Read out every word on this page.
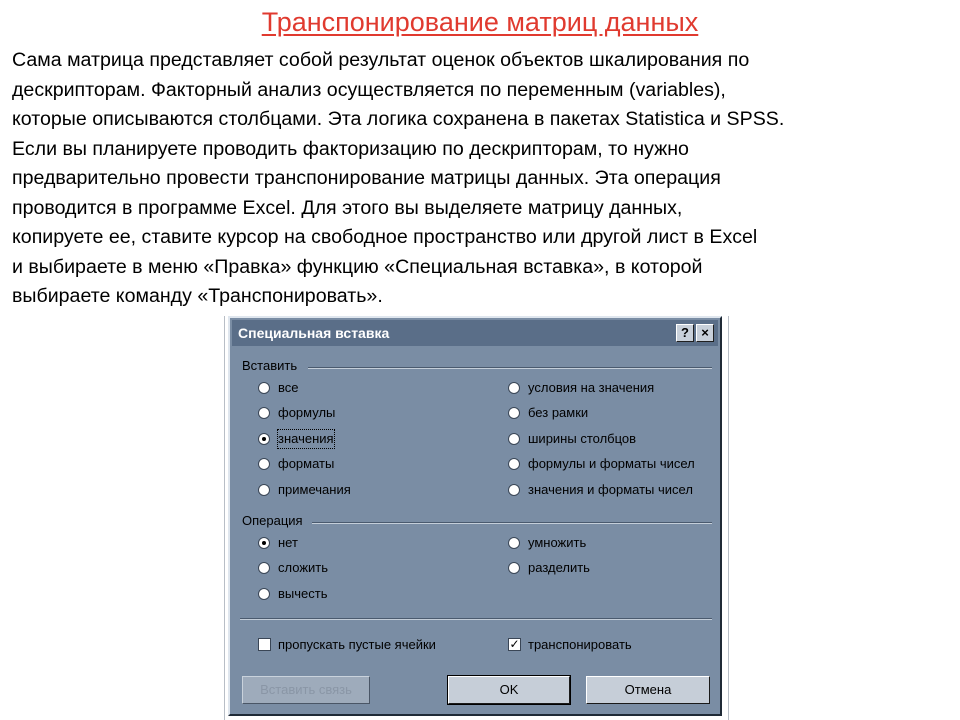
Транспонирование матриц данных

Сама матрица представляет собой результат оценок объектов шкалирования по

дескрипторам. Факторный анализ осуществляется по переменным (variables),

которые описываются столбцами. Эта логика сохранена в пакетах Statistica и SPSS.

Если вы планируете проводить факторизацию по дескрипторам, то нужно

предварительно провести транспонирование матрицы данных. Эта операция

проводится в программе Excel. Для этого вы выделяете матрицу данных,

копируете ее, ставите курсор на свободное пространство или другой лист в Excel

и выбираете в меню «Правка» функцию «Специальная вставка», в которой

выбираете команду «Транспонировать».

Специальная вставка	? ×
Вставить
все
формулы
значения
форматы
примечания
условия на значения
без рамки
ширины столбцов
формулы и форматы чисел
значения и форматы чисел
Операция
нет
сложить
вычесть
умножить
разделить
пропускать пустые ячейки	✓ транспонировать
Вставить связь	OK	Отмена
